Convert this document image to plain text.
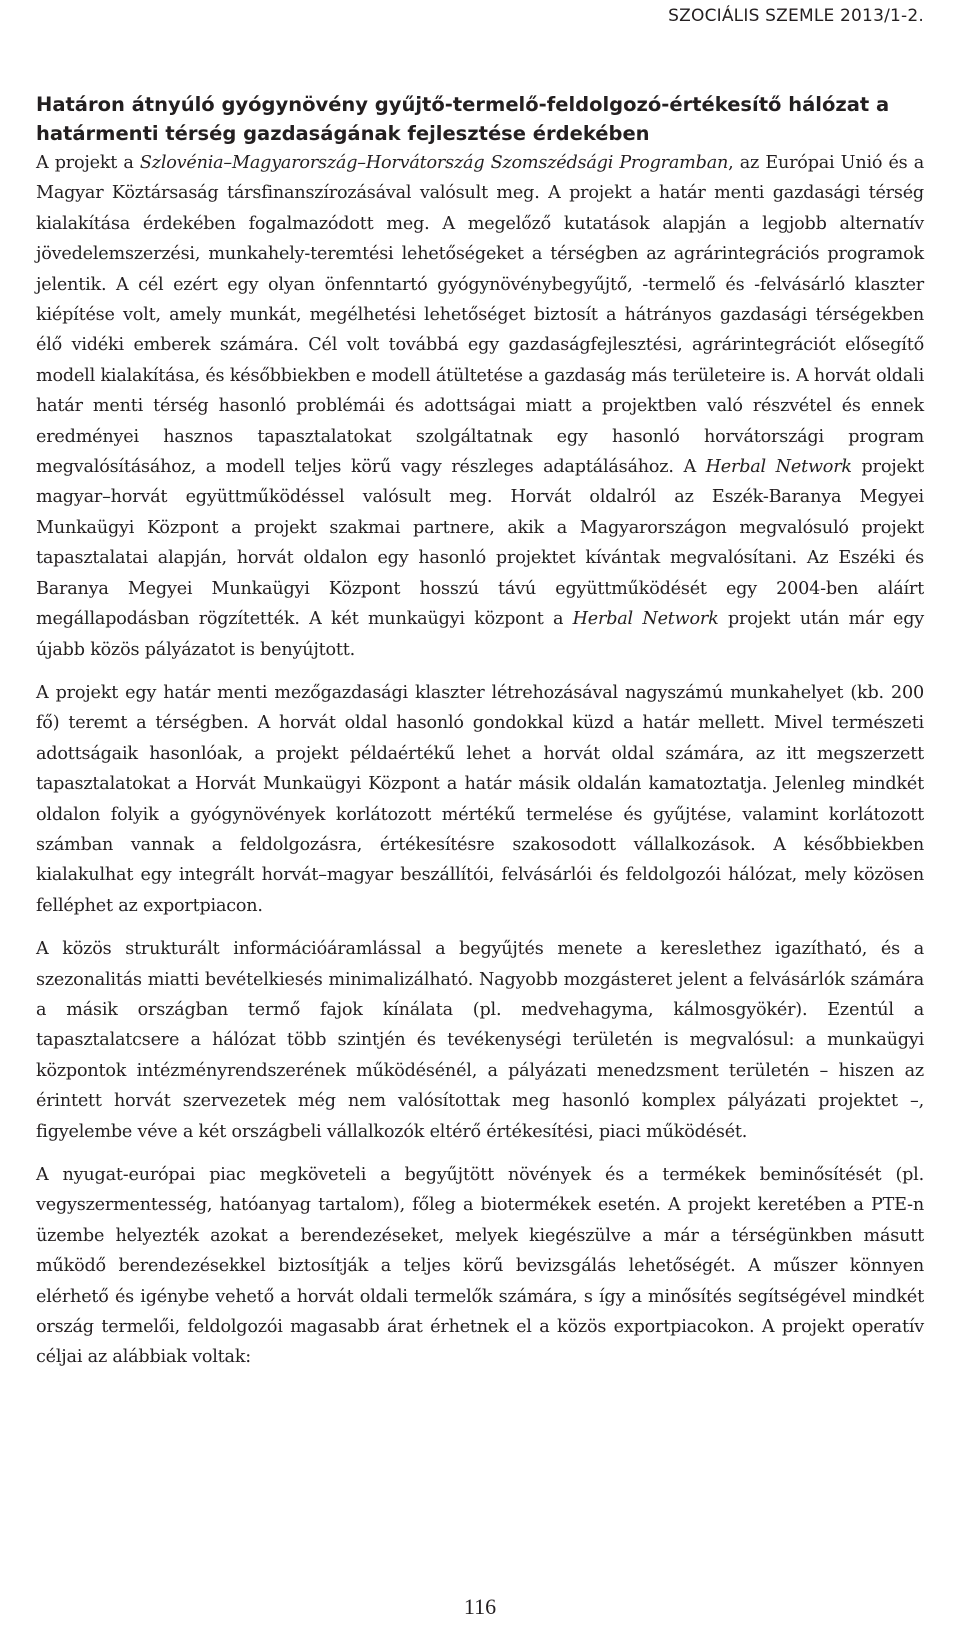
SZOCIÁLIS SZEMLE 2013/1-2.
Határon átnyúló gyógynövény gyűjtő-termelő-feldolgozó-értékesítő hálózat a
határmenti térség gazdaságának fejlesztése érdekében

A projekt a Szlovénia–Magyarország–Horvátország Szomszédsági Programban, az Európai Unió és a Magyar Köztársaság társfinanszírozásával valósult meg. A projekt a határ menti gazdasági térség kialakítása érdekében fogalmazódott meg. A megelőző kutatások alapján a legjobb alternatív jövedelemszerzési, munkahely-teremtési lehetőségeket a térségben az agrárintegrációs programok jelentik. A cél ezért egy olyan önfenntartó gyógynövénybegyűjtő, -termelő és -felvásárló klaszter kiépítése volt, amely munkát, megélhetési lehetőséget biztosít a hátrányos gazdasági térségekben élő vidéki emberek számára. Cél volt továbbá egy gazdaságfejlesztési, agrárintegrációt elősegítő modell kialakítása, és későbbiekben e modell átültetése a gazdaság más területeire is. A horvát oldali határ menti térség hasonló problémái és adottságai miatt a projektben való részvétel és ennek eredményei hasznos tapasztalatokat szolgáltatnak egy hasonló horvátországi program megvalósításához, a modell teljes körű vagy részleges adaptálásához. A Herbal Network projekt magyar–horvát együttműködéssel valósult meg. Horvát oldalról az Eszék-Baranya Megyei Munkaügyi Központ a projekt szakmai partnere, akik a Magyarországon megvalósuló projekt tapasztalatai alapján, horvát oldalon egy hasonló projektet kívántak megvalósítani. Az Eszéki és Baranya Megyei Munkaügyi Központ hosszú távú együttműködését egy 2004-ben aláírt megállapodásban rögzítették. A két munkaügyi központ a Herbal Network projekt után már egy újabb közös pályázatot is benyújtott.

A projekt egy határ menti mezőgazdasági klaszter létrehozásával nagyszámú munkahelyet (kb. 200 fő) teremt a térségben. A horvát oldal hasonló gondokkal küzd a határ mellett. Mivel természeti adottságaik hasonlóak, a projekt példaértékű lehet a horvát oldal számára, az itt megszerzett tapasztalatokat a Horvát Munkaügyi Központ a határ másik oldalán kamatoztatja. Jelenleg mindkét oldalon folyik a gyógynövények korlátozott mértékű termelése és gyűjtése, valamint korlátozott számban vannak a feldolgozásra, értékesítésre szakosodott vállalkozások. A későbbiekben kialakulhat egy integrált horvát–magyar beszállítói, felvásárlói és feldolgozói hálózat, mely közösen felléphet az exportpiacon.

A közös strukturált információáramlással a begyűjtés menete a kereslethez igazítható, és a szezonalitás miatti bevételkiesés minimalizálható. Nagyobb mozgásteret jelent a felvásárlók számára a másik országban termő fajok kínálata (pl. medvehagyma, kálmosgyökér). Ezentúl a tapasztalatcsere a hálózat több szintjén és tevékenységi területén is megvalósul: a munkaügyi központok intézményrendszerének működésénél, a pályázati menedzsment területén – hiszen az érintett horvát szervezetek még nem valósítottak meg hasonló komplex pályázati projektet –, figyelembe véve a két országbeli vállalkozók eltérő értékesítési, piaci működését.

A nyugat-európai piac megköveteli a begyűjtött növények és a termékek beminősítését (pl. vegyszermentesség, hatóanyag tartalom), főleg a biotermékek esetén. A projekt keretében a PTE-n üzembe helyezték azokat a berendezéseket, melyek kiegészülve a már a térségünkben másutt működő berendezésekkel biztosítják a teljes körű bevizsgálás lehetőségét. A műszer könnyen elérhető és igénybe vehető a horvát oldali termelők számára, s így a minősítés segítségével mindkét ország termelői, feldolgozói magasabb árat érhetnek el a közös exportpiacokon. A projekt operatív céljai az alábbiak voltak:

116
